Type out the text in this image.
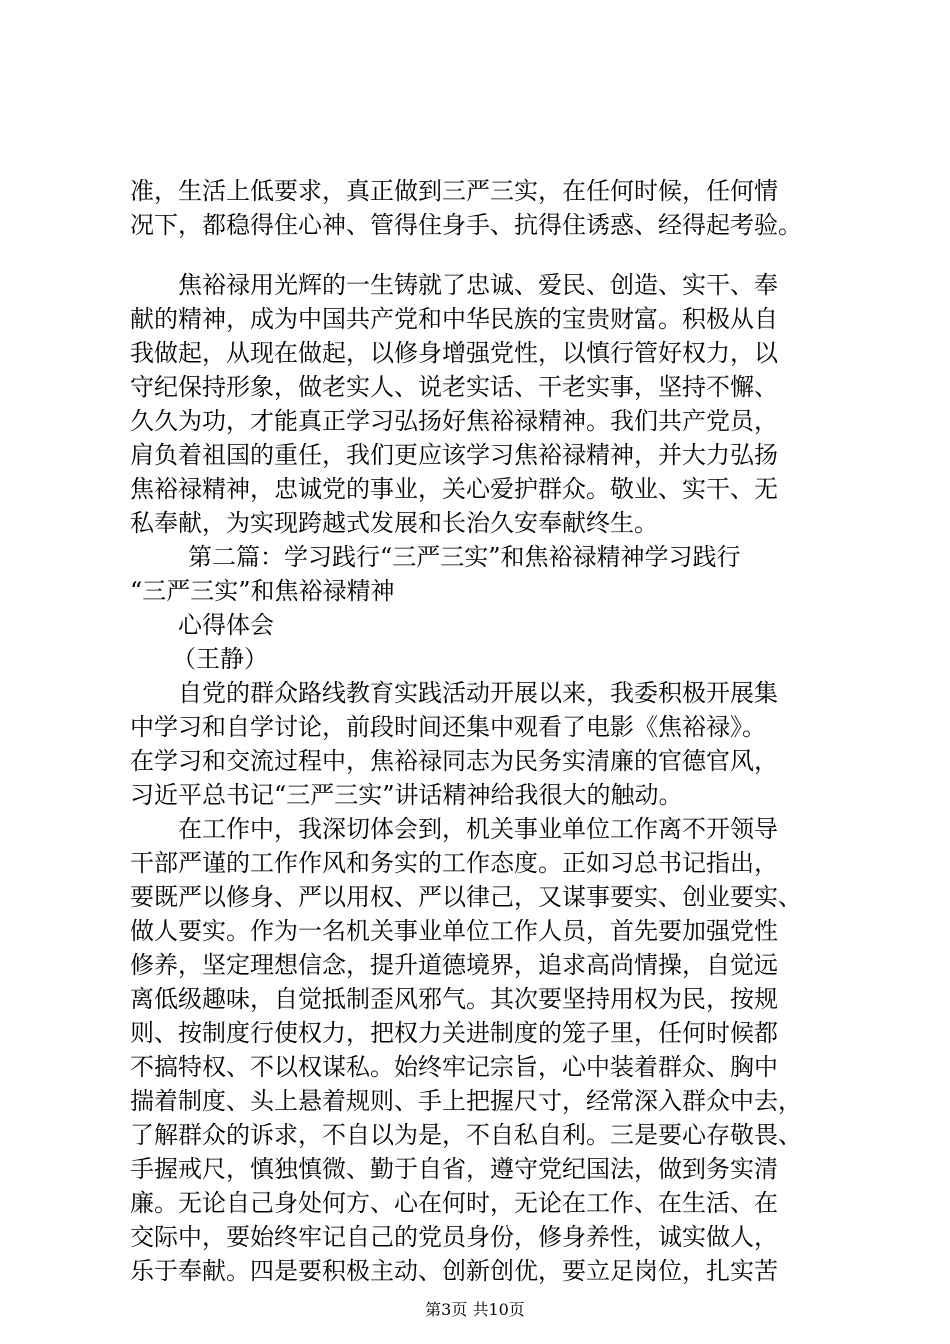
准，生活上低要求，真正做到三严三实，在任何时候，任何情
况下，都稳得住心神、管得住身手、抗得住诱惑、经得起考验。
焦裕禄用光辉的一生铸就了忠诚、爱民、创造、实干、奉
献的精神，成为中国共产党和中华民族的宝贵财富。积极从自
我做起，从现在做起，以修身增强党性，以慎行管好权力，以
守纪保持形象，做老实人、说老实话、干老实事，坚持不懈、
久久为功，才能真正学习弘扬好焦裕禄精神。我们共产党员，
肩负着祖国的重任，我们更应该学习焦裕禄精神，并大力弘扬
焦裕禄精神，忠诚党的事业，关心爱护群众。敬业、实干、无
私奉献，为实现跨越式发展和长治久安奉献终生。
第二篇：学习践行“三严三实”和焦裕禄精神学习践行
“三严三实”和焦裕禄精神
心得体会
（王静）
自党的群众路线教育实践活动开展以来，我委积极开展集
中学习和自学讨论，前段时间还集中观看了电影《焦裕禄》。
在学习和交流过程中，焦裕禄同志为民务实清廉的官德官风，
习近平总书记“三严三实”讲话精神给我很大的触动。
在工作中，我深切体会到，机关事业单位工作离不开领导
干部严谨的工作作风和务实的工作态度。正如习总书记指出，
要既严以修身、严以用权、严以律己，又谋事要实、创业要实、
做人要实。作为一名机关事业单位工作人员，首先要加强党性
修养，坚定理想信念，提升道德境界，追求高尚情操，自觉远
离低级趣味，自觉抵制歪风邪气。其次要坚持用权为民，按规
则、按制度行使权力，把权力关进制度的笼子里，任何时候都
不搞特权、不以权谋私。始终牢记宗旨，心中装着群众、胸中
揣着制度、头上悬着规则、手上把握尺寸，经常深入群众中去，
了解群众的诉求，不自以为是，不自私自利。三是要心存敬畏、
手握戒尺，慎独慎微、勤于自省，遵守党纪国法，做到务实清
廉。无论自己身处何方、心在何时，无论在工作、在生活、在
交际中，要始终牢记自己的党员身份，修身养性，诚实做人，
乐于奉献。四是要积极主动、创新创优，要立足岗位，扎实苦
第3页 共10页
